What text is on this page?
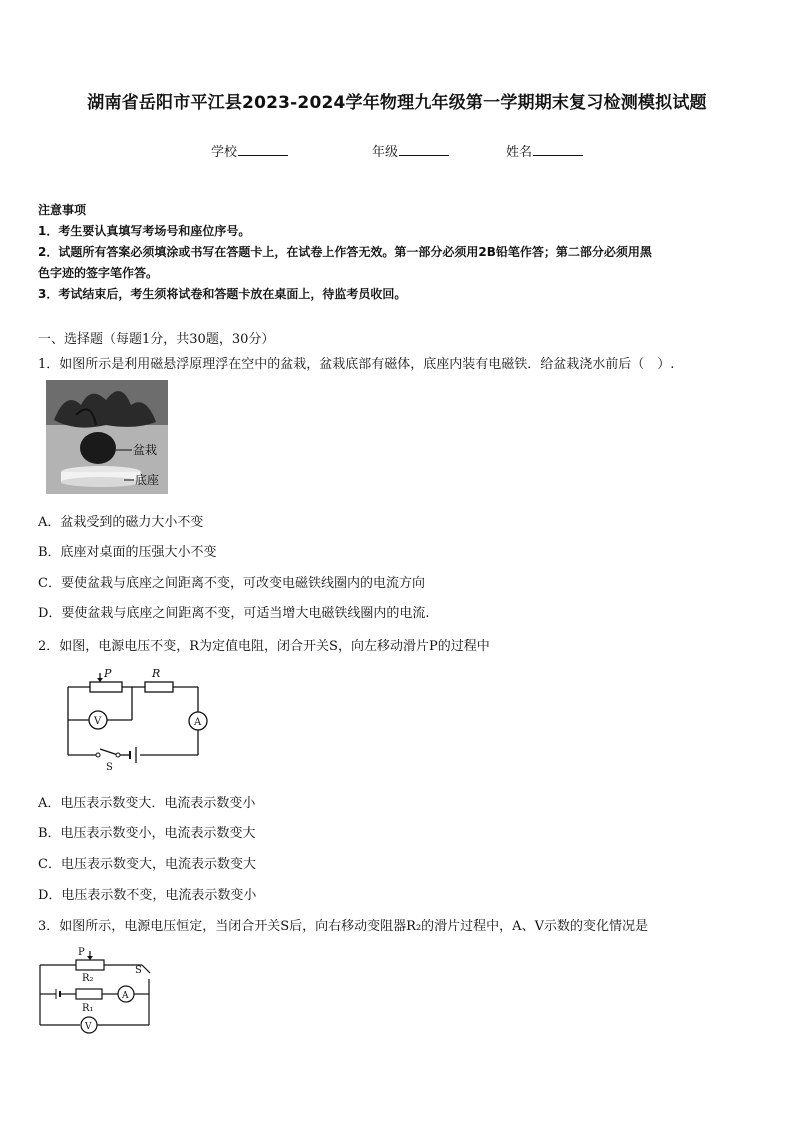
湖南省岳阳市平江县2023-2024学年物理九年级第一学期期末复习检测模拟试题
学校	年级	姓名
注意事项
1．考生要认真填写考场号和座位序号。
2．试题所有答案必须填涂或书写在答题卡上，在试卷上作答无效。第一部分必须用2B铅笔作答；第二部分必须用黑
色字迹的签字笔作答。
3．考试结束后，考生须将试卷和答题卡放在桌面上，待监考员收回。
一、选择题（每题1分，共30题，30分）
1．如图所示是利用磁悬浮原理浮在空中的盆栽，盆栽底部有磁体，底座内装有电磁铁．给盆栽浇水前后（　）.
盆栽
底座
A．盆栽受到的磁力大小不变
B．底座对桌面的压强大小不变
C．要使盆栽与底座之间距离不变，可改变电磁铁线圈内的电流方向
D．要使盆栽与底座之间距离不变，可适当增大电磁铁线圈内的电流.
2．如图，电源电压不变，R为定值电阻，闭合开关S，向左移动滑片P的过程中
P	R
V	A
S
A．电压表示数变大．电流表示数变小
B．电压表示数变小，电流表示数变大
C．电压表示数变大，电流表示数变大
D．电压表示数不变，电流表示数变小
3．如图所示，电源电压恒定，当闭合开关S后，向右移动变阻器R₂的滑片过程中，A、V示数的变化情况是
P
R₂
R₁
S
A
V
